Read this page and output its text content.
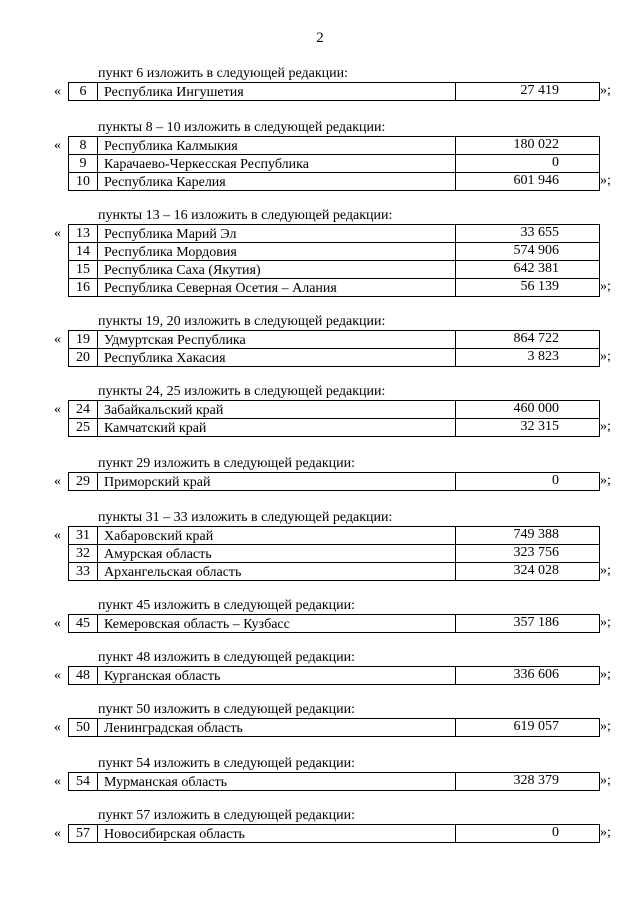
2
пункт 6 изложить в следующей редакции:
«	6	Республика Ингушетия	27 419	»;
пункты 8 – 10 изложить в следующей редакции:
«	8	Республика Калмыкия	180 022
9	Карачаево-Черкесская Республика	0
10	Республика Карелия	601 946	»;
пункты 13 – 16 изложить в следующей редакции:
«	13	Республика Марий Эл	33 655
14	Республика Мордовия	574 906
15	Республика Саха (Якутия)	642 381
16	Республика Северная Осетия – Алания	56 139	»;
пункты 19, 20 изложить в следующей редакции:
«	19	Удмуртская Республика	864 722
20	Республика Хакасия	3 823	»;
пункты 24, 25 изложить в следующей редакции:
«	24	Забайкальский край	460 000
25	Камчатский край	32 315	»;
пункт 29 изложить в следующей редакции:
«	29	Приморский край	0	»;
пункты 31 – 33 изложить в следующей редакции:
«	31	Хабаровский край	749 388
32	Амурская область	323 756
33	Архангельская область	324 028	»;
пункт 45 изложить в следующей редакции:
«	45	Кемеровская область – Кузбасс	357 186	»;
пункт 48 изложить в следующей редакции:
«	48	Курганская область	336 606	»;
пункт 50 изложить в следующей редакции:
«	50	Ленинградская область	619 057	»;
пункт 54 изложить в следующей редакции:
«	54	Мурманская область	328 379	»;
пункт 57 изложить в следующей редакции:
«	57	Новосибирская область	0	»;
